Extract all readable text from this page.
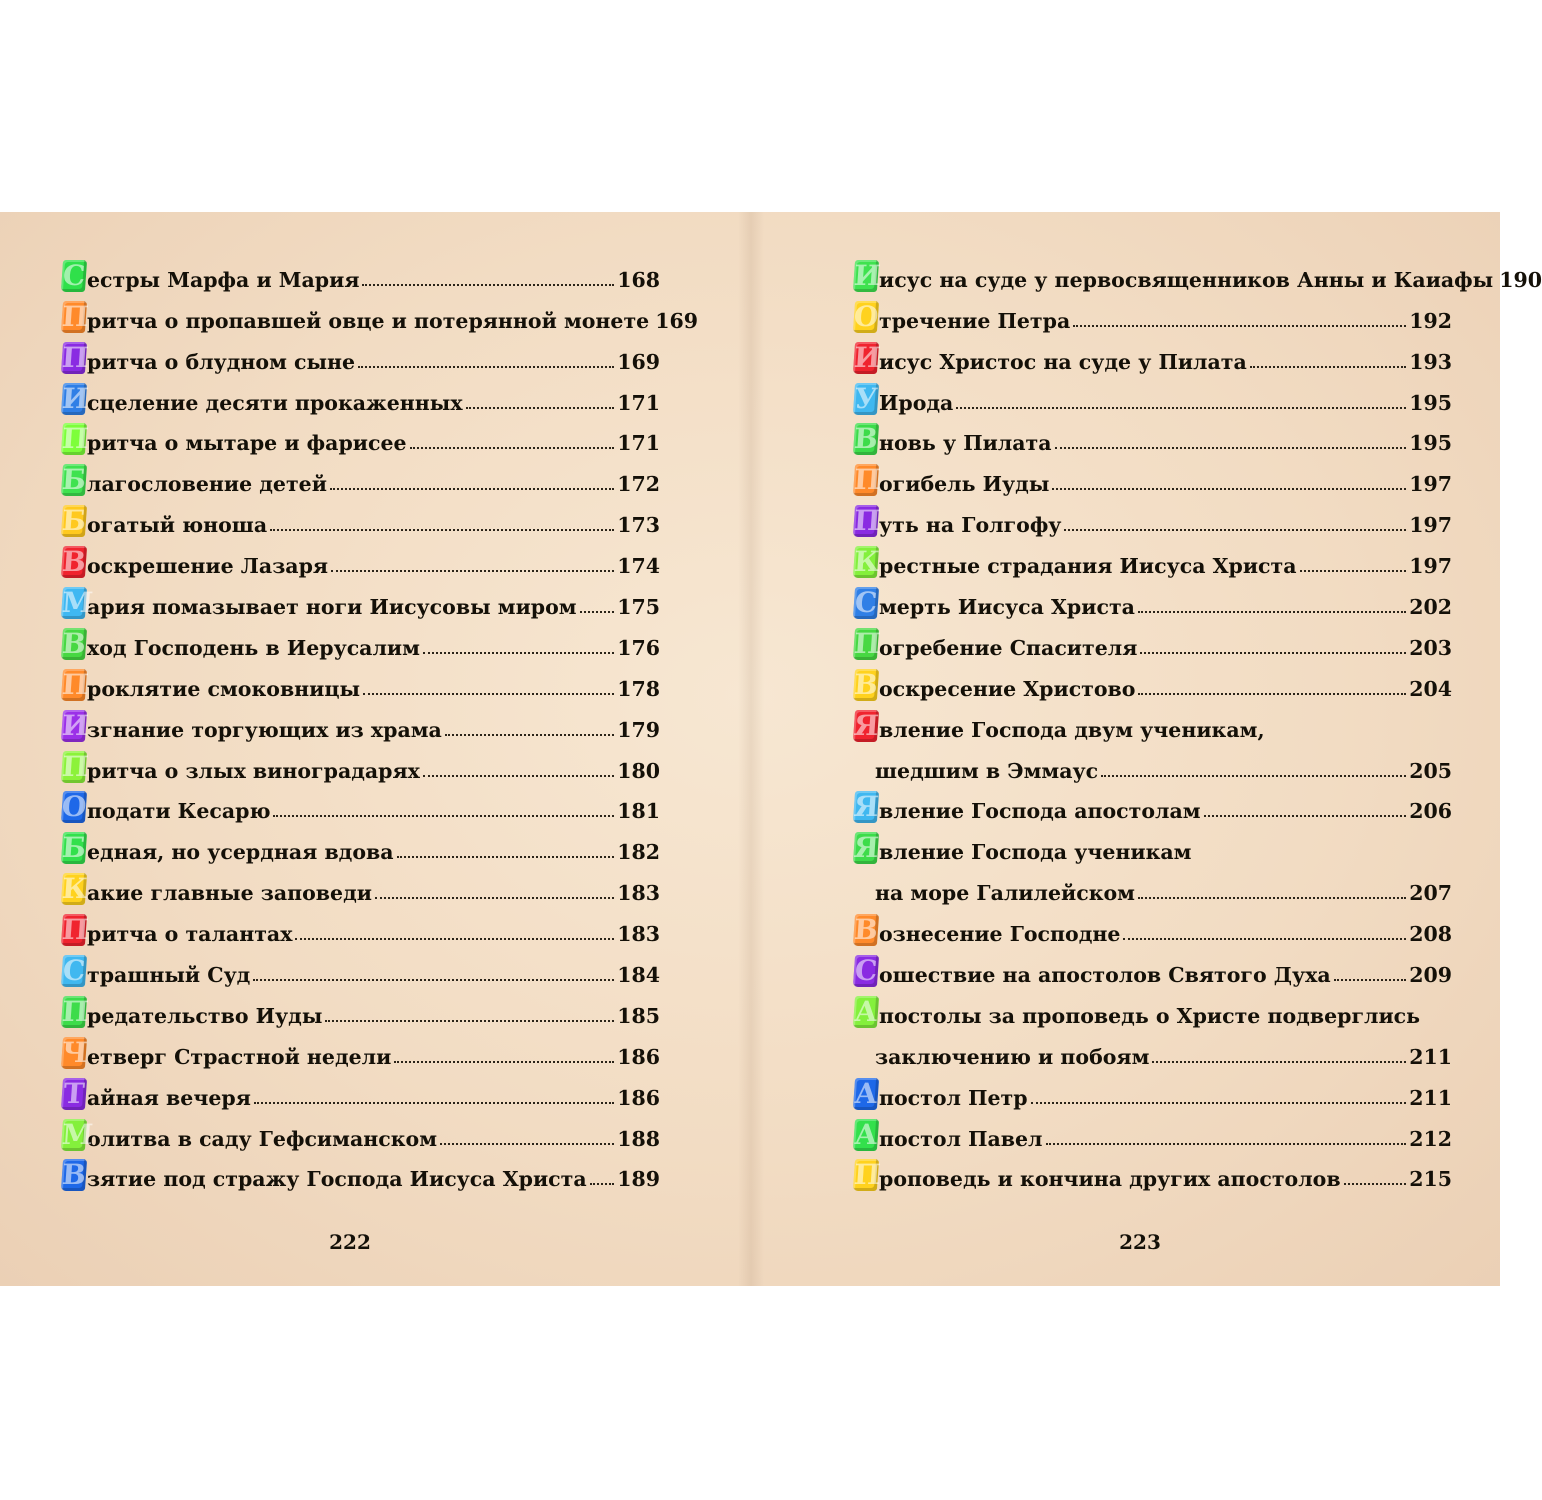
С естры Марфа и Мария	168
П
ритча о пропавшей овце и потерянной монете 169
П
ритча о блудном сыне	169
И
сцеление десяти прокаженных	171
П
ритча о мытаре и фарисее	171
Б лагословение детей	172
Б огатый юноша	173
В оскрешение Лазаря	174
М
ария помазывает ноги Иисусовы миром 175
В ход Господень в Иерусалим	176
П
роклятие смоковницы	178
И
згнание торгующих из храма	179
П
ритча о злых виноградарях	180
О подати Кесарю	181
Б едная, но усердная вдова	182
К
акие главные заповеди	183
П
ритча о талантах	183
С трашный Суд	184
П
редательство Иуды	185
Ч
етверг Страстной недели	186
Т айная вечеря	186
М
олитва в саду Гефсиманском	188
В зятие под стражу Господа Иисуса Христа 189
222
И
исус на суде у первосвященников Анны и Каиафы 190
О тречение Петра	192
И
исус Христос на суде у Пилата	193
У Ирода	195
В новь у Пилата	195
П
огибель Иуды	197
П
уть на Голгофу	197
К
рестные страдания Иисуса Христа	197
С мерть Иисуса Христа	202
П
огребение Спасителя	203
В оскресение Христово	204
Я вление Господа двум ученикам,
шедшим в Эммаус	205
Я вление Господа апостолам	206
Я вление Господа ученикам
на море Галилейском	207
В ознесение Господне	208
С ошествие на апостолов Святого Духа	209
А постолы за проповедь о Христе подверглись
заключению и побоям	211
А постол Петр	211
А постол Павел	212
П
роповедь и кончина других апостолов	215
223
